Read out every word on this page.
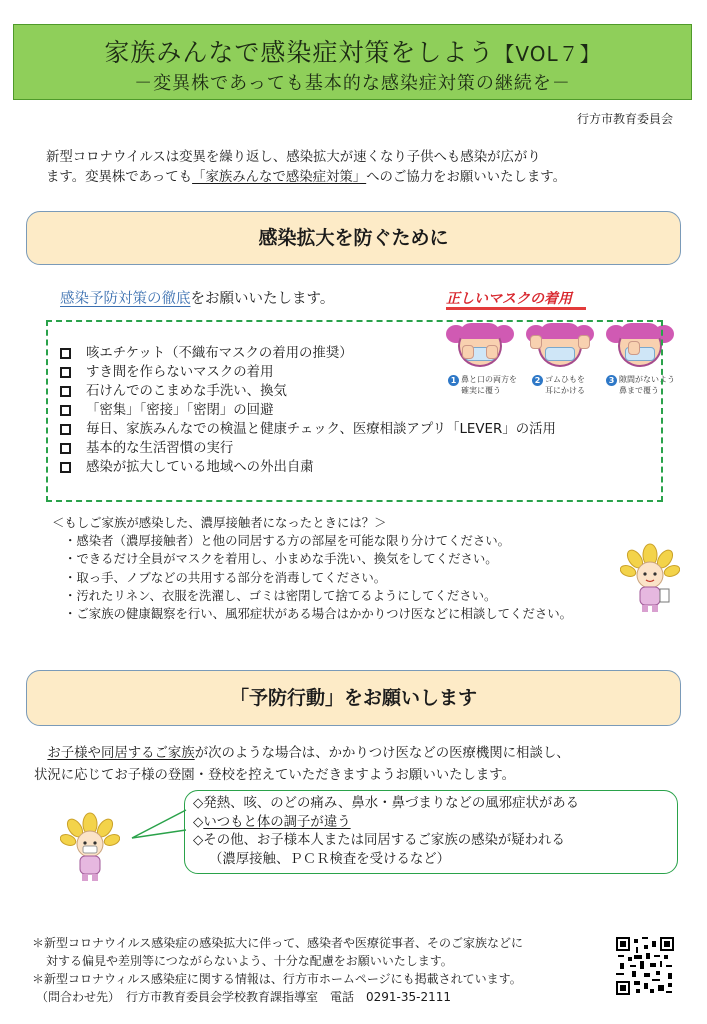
家族みんなで感染症対策をしよう【VOL７】
－変異株であっても基本的な感染症対策の継続を－
行方市教育委員会

新型コロナウイルスは変異を繰り返し、感染拡大が速くなり子供へも感染が広がり

ます。変異株であっても「家族みんなで感染症対策」へのご協力をお願いいたします。

感染拡大を防ぐために
感染予防対策の徹底をお願いいたします。	正しいマスクの着用
1 鼻と口の両方を
確実に覆う
2 ゴムひもを
耳にかける
3 隙間がないよう
鼻まで覆う
咳エチケット（不織布マスクの着用の推奨）
すき間を作らないマスクの着用
石けんでのこまめな手洗い、換気
「密集」「密接」「密閉」の回避
毎日、家族みんなでの検温と健康チェック、医療相談アプリ「LEVER」の活用
基本的な生活習慣の実行
感染が拡大している地域への外出自粛

＜もしご家族が感染した、濃厚接触者になったときには？＞

・感染者（濃厚接触者）と他の同居する方の部屋を可能な限り分けてください。
・できるだけ全員がマスクを着用し、小まめな手洗い、換気をしてください。
・取っ手、ノブなどの共用する部分を消毒してください。
・汚れたリネン、衣服を洗濯し、ゴミは密閉して捨てるようにしてください。
・ご家族の健康観察を行い、風邪症状がある場合はかかりつけ医などに相談してください。
「予防行動」をお願いします

　お子様や同居するご家族が次のような場合は、かかりつけ医などの医療機関に相談し、

状況に応じてお子様の登園・登校を控えていただきますようお願いいたします。

◇発熱、咳、のどの痛み、鼻水・鼻づまりなどの風邪症状がある

◇いつもと体の調子が違う

◇その他、お子様本人または同居するご家族の感染が疑われる

（濃厚接触、ＰＣＲ検査を受けるなど）

＊新型コロナウイルス感染症の感染拡大に伴って、感染者や医療従事者、そのご家族などに

対する偏見や差別等につながらないよう、十分な配慮をお願いいたします。

＊新型コロナウィルス感染症に関する情報は、行方市ホームページにも掲載されています。

（問合わせ先）　行方市教育委員会学校教育課指導室　電話　0291-35-2111
